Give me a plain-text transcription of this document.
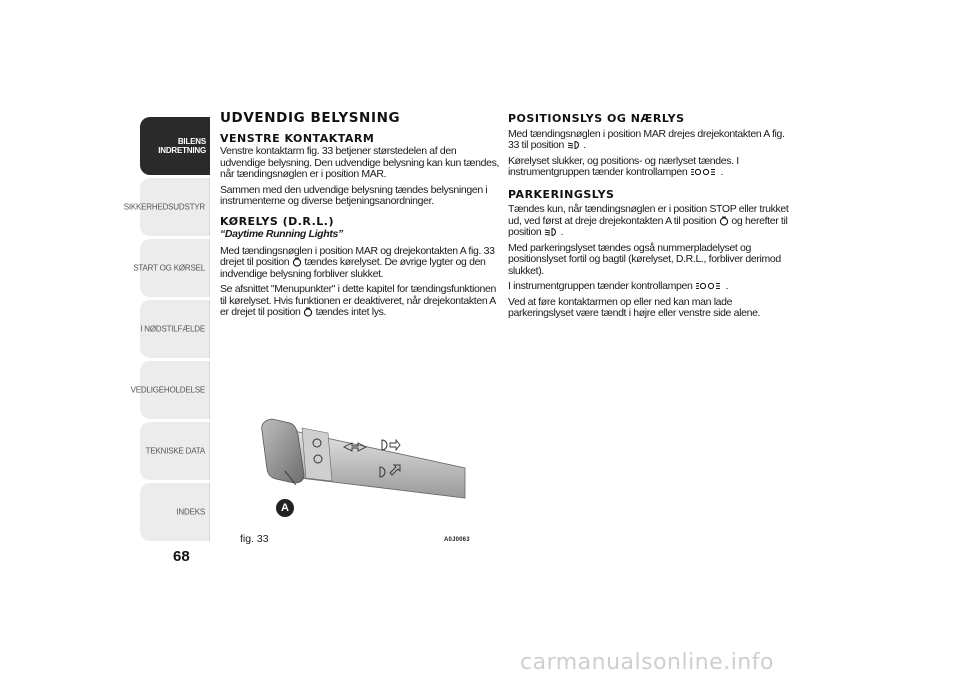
BILENS INDRETNING
SIKKERHEDSUDSTYR
START OG KØRSEL
I NØDSTILFÆLDE
VEDLIGEHOLDELSE
TEKNISKE DATA
INDEKS
68
UDVENDIG BELYSNING
VENSTRE KONTAKTARM

Venstre kontaktarm fig. 33 betjener størstedelen af den udvendige belysning. Den udvendige belysning kan kun tændes, når tændingsnøglen er i position MAR.

Sammen med den udvendige belysning tændes belysningen i instrumenterne og diverse betjeningsanordninger.

KØRELYS (D.R.L.)
“Daytime Running Lights”

Med tændingsnøglen i position MAR og drejekontakten A fig. 33 drejet til position tændes kørelyset. De øvrige lygter og den indvendige belysning forbliver slukket.

Se afsnittet "Menupunkter" i dette kapitel for tændingsfunktionen til kørelyset. Hvis funktionen er deaktiveret, når drejekontakten A er drejet til position tændes intet lys.

POSITIONSLYS OG NÆRLYS

Med tændingsnøglen i position MAR drejes drejekontakten A fig. 33 til position .

Kørelyset slukker, og positions- og nærlyset tændes. I instrumentgruppen tænder kontrollampen	.

PARKERINGSLYS

Tændes kun, når tændingsnøglen er i position STOP eller trukket ud, ved først at dreje drejekontakten A til position og herefter til position .

Med parkeringslyset tændes også nummerpladelyset og positionslyset fortil og bagtil (kørelyset, D.R.L., forbliver derimod slukket).

I instrumentgruppen tænder kontrollampen	.

Ved at føre kontaktarmen op eller ned kan man lade parkeringslyset være tændt i højre eller venstre side alene.

A
fig. 33	A0J0063
carmanualsonline.info
